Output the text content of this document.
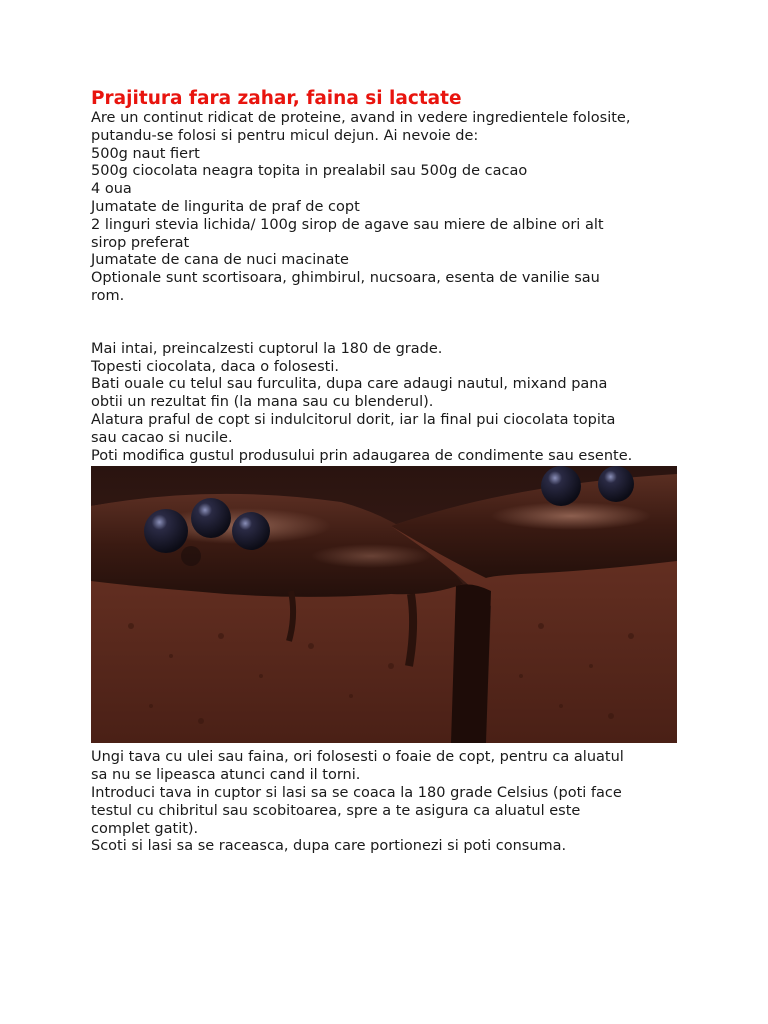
Prajitura fara zahar, faina si lactate
Are un continut ridicat de proteine, avand in vedere ingredientele folosite,
putandu-se folosi si pentru micul dejun. Ai nevoie de:
500g naut fiert
500g ciocolata neagra topita in prealabil sau 500g de cacao
4 oua
Jumatate de lingurita de praf de copt
2 linguri stevia lichida/ 100g sirop de agave sau miere de albine ori alt
sirop preferat
Jumatate de cana de nuci macinate
Optionale sunt scortisoara, ghimbirul, nucsoara, esenta de vanilie sau
rom.
Mai intai, preincalzesti cuptorul la 180 de grade.
Topesti ciocolata, daca o folosesti.
Bati ouale cu telul sau furculita, dupa care adaugi nautul, mixand pana
obtii un rezultat fin (la mana sau cu blenderul).
Alatura praful de copt si indulcitorul dorit, iar la final pui ciocolata topita
sau cacao si nucile.
Poti modifica gustul produsului prin adaugarea de condimente sau esente.
Ungi tava cu ulei sau faina, ori folosesti o foaie de copt, pentru ca aluatul
sa nu se lipeasca atunci cand il torni.
Introduci tava in cuptor si lasi sa se coaca la 180 grade Celsius (poti face
testul cu chibritul sau scobitoarea, spre a te asigura ca aluatul este
complet gatit).
Scoti si lasi sa se raceasca, dupa care portionezi si poti consuma.
